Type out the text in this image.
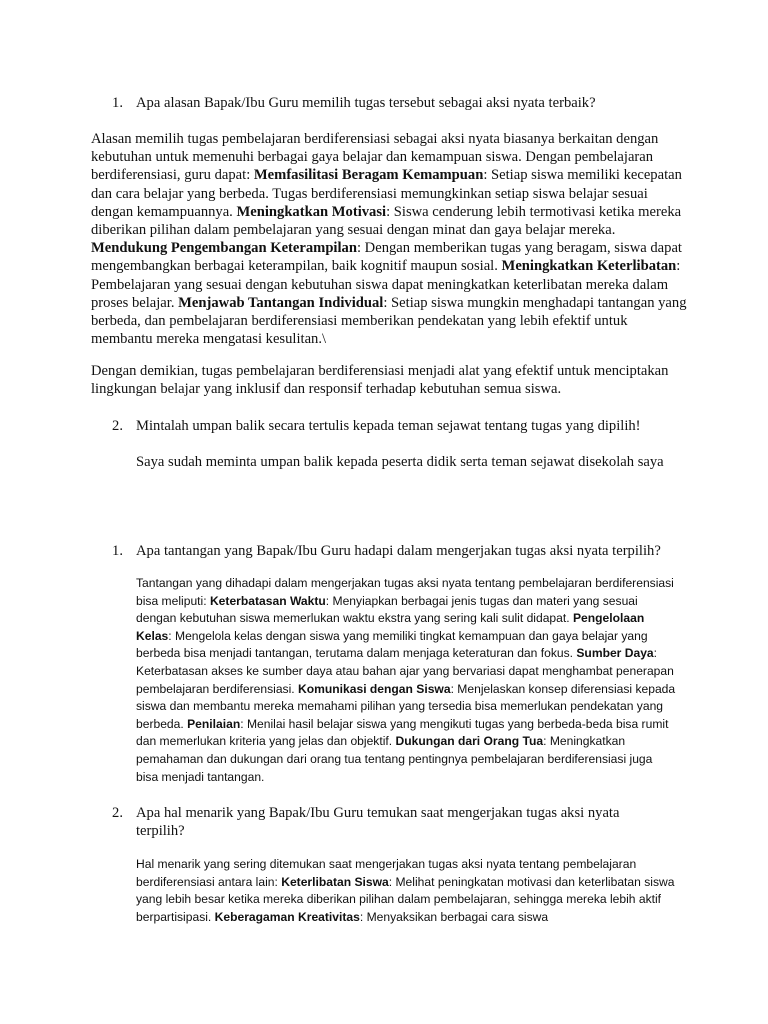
1. Apa alasan Bapak/Ibu Guru memilih tugas tersebut sebagai aksi nyata terbaik?

Alasan memilih tugas pembelajaran berdiferensiasi sebagai aksi nyata biasanya berkaitan dengan kebutuhan untuk memenuhi berbagai gaya belajar dan kemampuan siswa. Dengan pembelajaran berdiferensiasi, guru dapat: Memfasilitasi Beragam Kemampuan: Setiap siswa memiliki kecepatan dan cara belajar yang berbeda. Tugas berdiferensiasi memungkinkan setiap siswa belajar sesuai dengan kemampuannya. Meningkatkan Motivasi: Siswa cenderung lebih termotivasi ketika mereka diberikan pilihan dalam pembelajaran yang sesuai dengan minat dan gaya belajar mereka. Mendukung Pengembangan Keterampilan: Dengan memberikan tugas yang beragam, siswa dapat mengembangkan berbagai keterampilan, baik kognitif maupun sosial. Meningkatkan Keterlibatan: Pembelajaran yang sesuai dengan kebutuhan siswa dapat meningkatkan keterlibatan mereka dalam proses belajar. Menjawab Tantangan Individual: Setiap siswa mungkin menghadapi tantangan yang berbeda, dan pembelajaran berdiferensiasi memberikan pendekatan yang lebih efektif untuk membantu mereka mengatasi kesulitan.\

Dengan demikian, tugas pembelajaran berdiferensiasi menjadi alat yang efektif untuk menciptakan lingkungan belajar yang inklusif dan responsif terhadap kebutuhan semua siswa.

2. Mintalah umpan balik secara tertulis kepada teman sejawat tentang tugas yang dipilih!

Saya sudah meminta umpan balik kepada peserta didik serta teman sejawat disekolah saya

1. Apa tantangan yang Bapak/Ibu Guru hadapi dalam mengerjakan tugas aksi nyata terpilih?

Tantangan yang dihadapi dalam mengerjakan tugas aksi nyata tentang pembelajaran berdiferensiasi bisa meliputi: Keterbatasan Waktu: Menyiapkan berbagai jenis tugas dan materi yang sesuai dengan kebutuhan siswa memerlukan waktu ekstra yang sering kali sulit didapat. Pengelolaan Kelas: Mengelola kelas dengan siswa yang memiliki tingkat kemampuan dan gaya belajar yang berbeda bisa menjadi tantangan, terutama dalam menjaga keteraturan dan fokus. Sumber Daya: Keterbatasan akses ke sumber daya atau bahan ajar yang bervariasi dapat menghambat penerapan pembelajaran berdiferensiasi. Komunikasi dengan Siswa: Menjelaskan konsep diferensiasi kepada siswa dan membantu mereka memahami pilihan yang tersedia bisa memerlukan pendekatan yang berbeda. Penilaian: Menilai hasil belajar siswa yang mengikuti tugas yang berbeda-beda bisa rumit dan memerlukan kriteria yang jelas dan objektif. Dukungan dari Orang Tua: Meningkatkan pemahaman dan dukungan dari orang tua tentang pentingnya pembelajaran berdiferensiasi juga bisa menjadi tantangan.

2. Apa hal menarik yang Bapak/Ibu Guru temukan saat mengerjakan tugas aksi nyata terpilih?

Hal menarik yang sering ditemukan saat mengerjakan tugas aksi nyata tentang pembelajaran berdiferensiasi antara lain: Keterlibatan Siswa: Melihat peningkatan motivasi dan keterlibatan siswa yang lebih besar ketika mereka diberikan pilihan dalam pembelajaran, sehingga mereka lebih aktif berpartisipasi. Keberagaman Kreativitas: Menyaksikan berbagai cara siswa
